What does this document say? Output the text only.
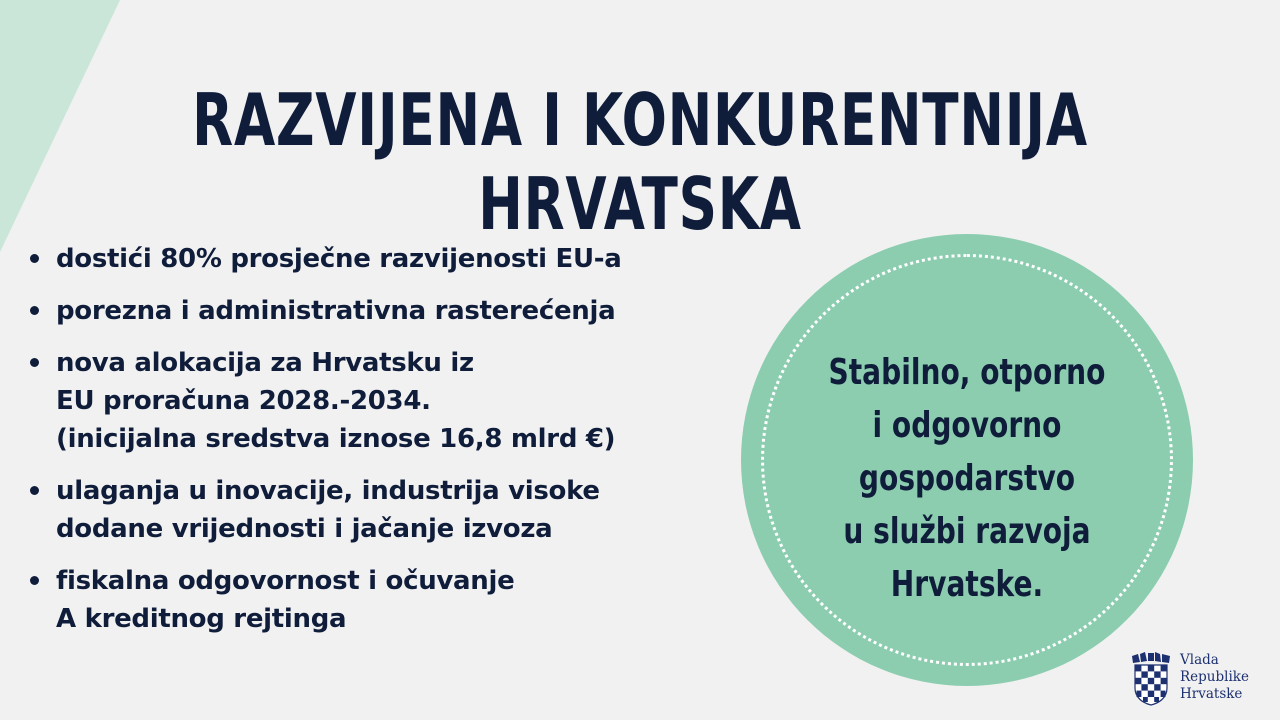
RAZVIJENA I KONKURENTNIJA HRVATSKA
dostići 80% prosječne razvijenosti EU-a
porezna i administrativna rasterećenja
nova alokacija za Hrvatsku iz
EU proračuna 2028.-2034.
(inicijalna sredstva iznose 16,8 mlrd €)
ulaganja u inovacije, industrija visoke
dodane vrijednosti i jačanje izvoza
fiskalna odgovornost i očuvanje
A kreditnog rejtinga
Stabilno, otporno
i odgovorno
gospodarstvo
u službi razvoja
Hrvatske.
Vlada
Republike
Hrvatske
